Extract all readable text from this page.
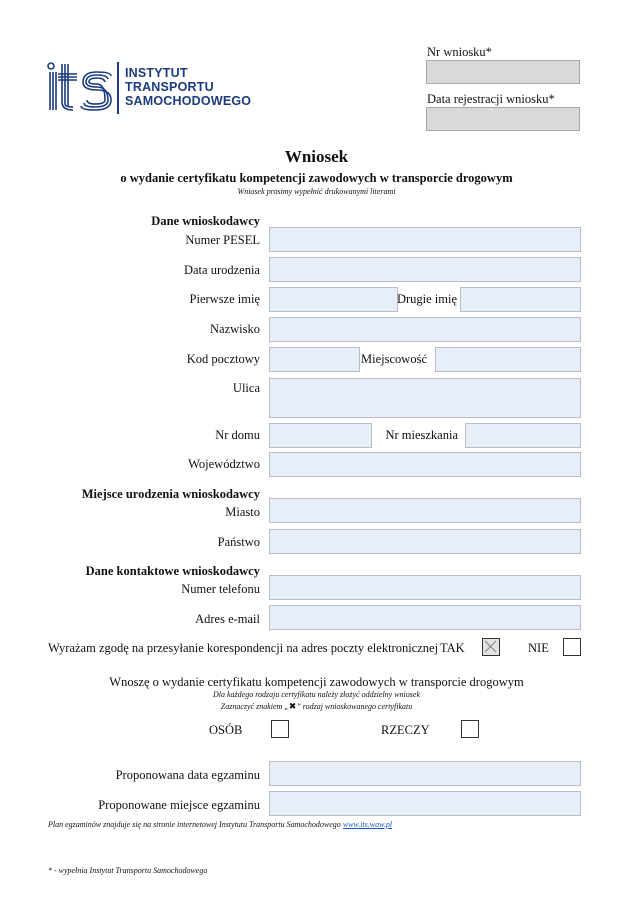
INSTYTUT
TRANSPORTU
SAMOCHODOWEGO
Nr wniosku*
Data rejestracji wniosku*
Wniosek
o wydanie certyfikatu kompetencji zawodowych w transporcie drogowym
Wniosek prosimy wypełnić drukowanymi literami
Dane wnioskodawcy
Numer PESEL
Data urodzenia
Pierwsze imię	Drugie imię
Nazwisko
Kod pocztowy	Miejscowość
Ulica
Nr domu	Nr mieszkania
Województwo
Miejsce urodzenia wnioskodawcy
Miasto
Państwo
Dane kontaktowe wnioskodawcy
Numer telefonu
Adres e-mail
Wyrażam zgodę na przesyłanie korespondencji na adres poczty elektronicznej TAK	NIE
Wnoszę o wydanie certyfikatu kompetencji zawodowych w transporcie drogowym
Dla każdego rodzaju certyfikatu należy złożyć oddzielny wniosek
Zaznaczyć znakiem „✖” rodzaj wnioskowanego certyfikatu
OSÓB	RZECZY
Proponowana data egzaminu
Proponowane miejsce egzaminu
Plan egzaminów znajduje się na stronie internetowej Instytutu Transportu Samochodowego www.its.waw.pl
* - wypełnia Instytut Transportu Samochodowego
